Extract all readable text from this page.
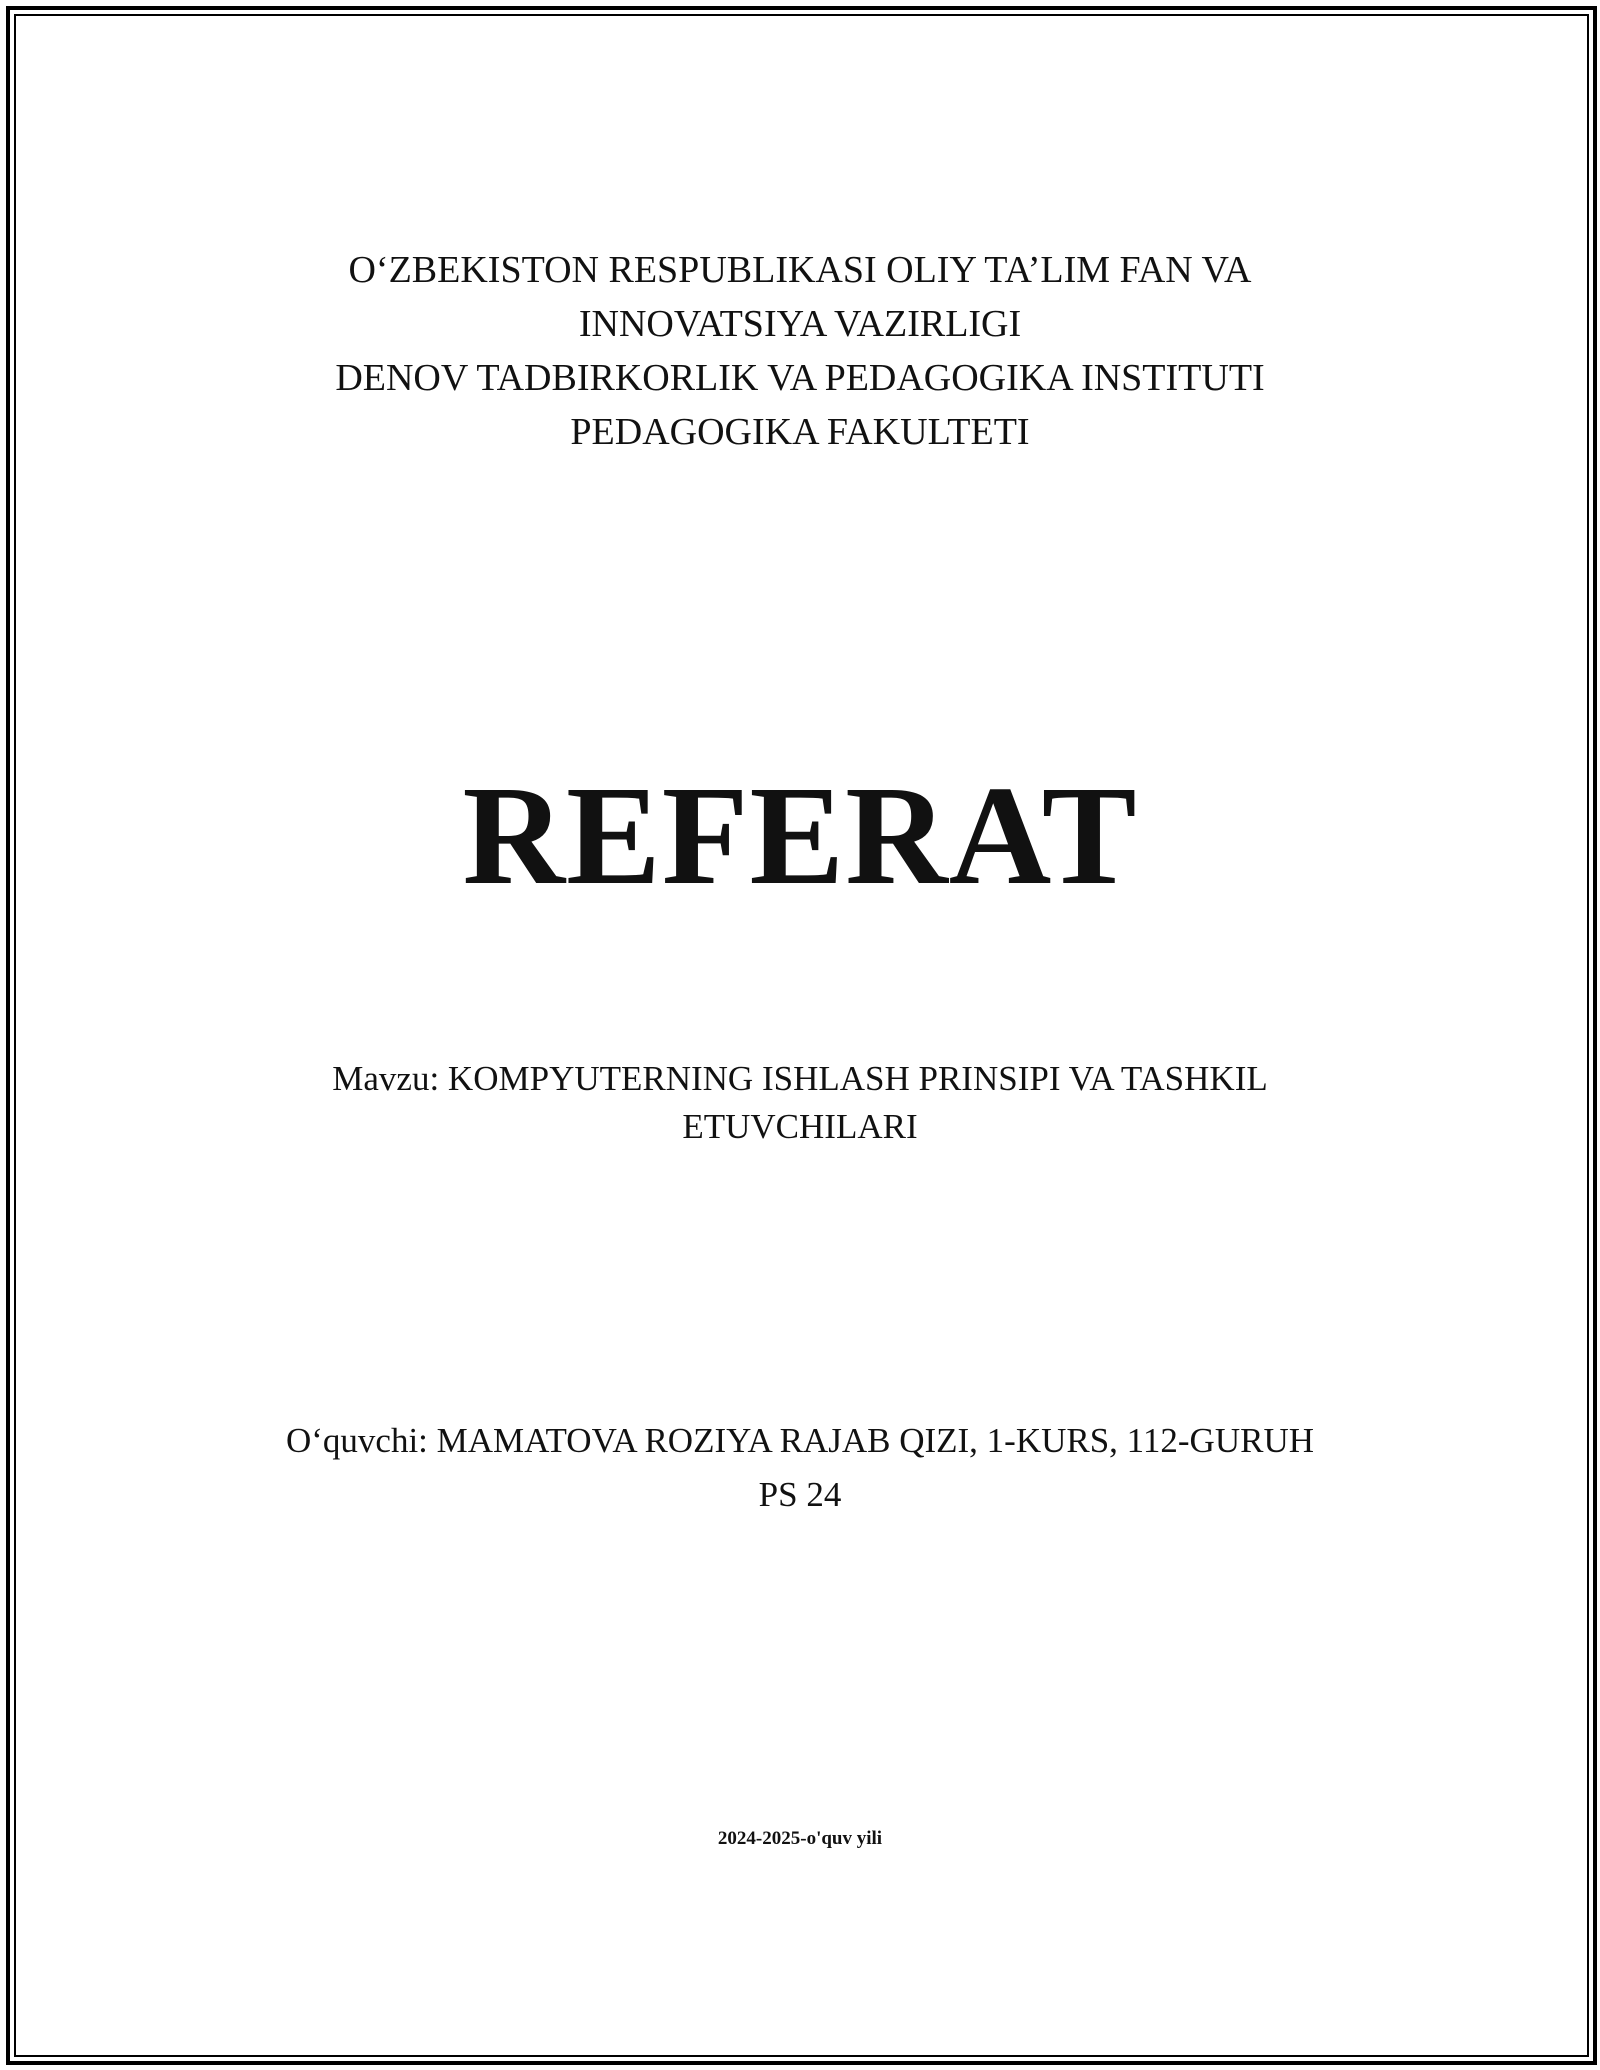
O‘ZBEKISTON RESPUBLIKASI OLIY TA’LIM FAN VA
INNOVATSIYA VAZIRLIGI
DENOV TADBIRKORLIK VA PEDAGOGIKA INSTITUTI
PEDAGOGIKA FAKULTETI
REFERAT
Mavzu: KOMPYUTERNING ISHLASH PRINSIPI VA TASHKIL
ETUVCHILARI
O‘quvchi: MAMATOVA ROZIYA RAJAB QIZI, 1-KURS, 112-GURUH
PS 24
2024-2025-o'quv yili
